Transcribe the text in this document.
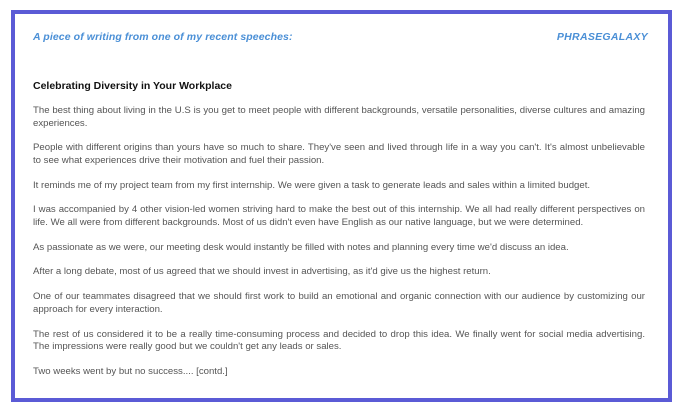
A piece of writing from one of my recent speeches:	PHRASEGALAXY
Celebrating Diversity in Your Workplace

The best thing about living in the U.S is you get to meet people with different backgrounds, versatile personalities, diverse cultures and amazing experiences.

People with different origins than yours have so much to share. They've seen and lived through life in a way you can't. It's almost unbelievable to see what experiences drive their motivation and fuel their passion.

It reminds me of my project team from my first internship. We were given a task to generate leads and sales within a limited budget.

I was accompanied by 4 other vision-led women striving hard to make the best out of this internship. We all had really different perspectives on life. We all were from different backgrounds. Most of us didn't even have English as our native language, but we were determined.

As passionate as we were, our meeting desk would instantly be filled with notes and planning every time we'd discuss an idea.

After a long debate, most of us agreed that we should invest in advertising, as it'd give us the highest return.

One of our teammates disagreed that we should first work to build an emotional and organic connection with our audience by customizing our approach for every interaction.

The rest of us considered it to be a really time-consuming process and decided to drop this idea. We finally went for social media advertising. The impressions were really good but we couldn't get any leads or sales.

Two weeks went by but no success.... [contd.]
